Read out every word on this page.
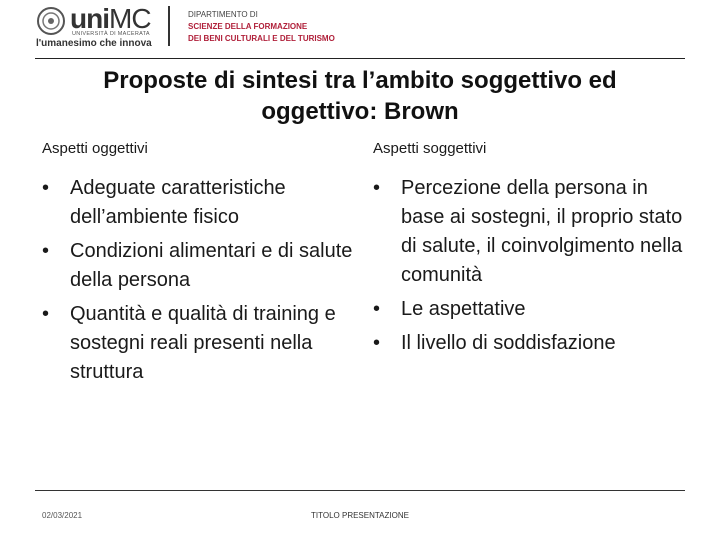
uniMC
UNIVERSITÀ DI MACERATA
l'umanesimo che innova
DIPARTIMENTO DI
SCIENZE DELLA FORMAZIONE
DEI BENI CULTURALI E DEL TURISMO
Proposte di sintesi tra l’ambito soggettivo ed
oggettivo: Brown
Aspetti oggettivi
• Adeguate caratteristiche dell’ambiente fisico
• Condizioni alimentari e di salute della persona
• Quantità e qualità di training e sostegni reali presenti nella struttura
Aspetti soggettivi
• Percezione della persona in base ai sostegni, il proprio stato di salute, il coinvolgimento nella comunità
• Le aspettative
• Il livello di soddisfazione
02/03/2021	TITOLO PRESENTAZIONE
